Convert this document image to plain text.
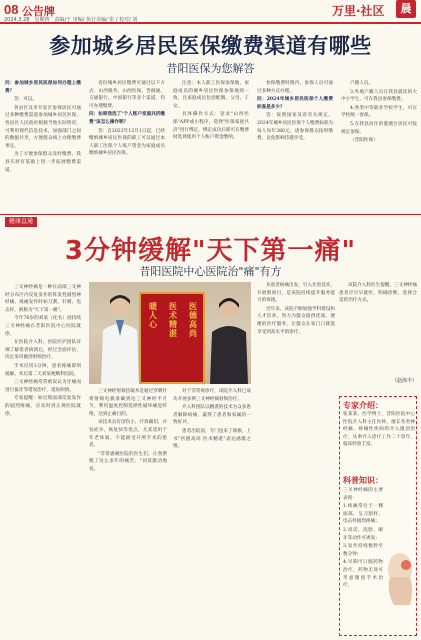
08 公告牌
2024.3.28　星期四　责编/于 审编/ 执行美编/ 张 / 校对/ 刘
万里·社区	晨
参加城乡居民医保缴费渠道有哪些
昔阳医保为您解答

问：参加城乡居民医保如何办理上缴费？

答：可以。

各县区及市开发区参保居民可通过多种缴费渠道参加城乡居民医保，各县区人民政府根据当地实际情况，可利用现代信息技术，加强部门之间的数据共享，方便群众线上办理缴费事宜。

为了方便参保群众及时缴费，我县在原有基础上进一步拓展缴费渠道。

省份城乡居民缴费可通过以下方式：山西税务、山西医保、晋税通、交通银行、中国银行等多个渠道，均可办理缴费。

问：如果我选了"个人账户家庭共济缴费"该怎么操作呢？

答：自2023年12月1日起，已经缴纳城乡居民医保的职工可以通过本人职工医保个人账户资金为家庭成员缴纳城乡居民医保。

注意：本人职工医保参保地、家庭成员的城乡居民医保参保地须一致，且家庭成员包括配偶、父母、子女。

具体操作方式：登录"山西医保"APP或小程序，选择"医保家庭共济"进行绑定，绑定成功后即可在缴费时选择使用个人账户资金缴纳。

参保缴费时限内，参保人员可通过多种方式办理。

问：2024年城乡居民医保个人缴费标准是多少？

答：按照国家及省有关规定，2024年城乡居民医保个人缴费标准为每人每年380元，请参保群众按时缴费，以免影响待遇享受。

户籍人员。

3.外地户籍人员在我县就读的大中小学生，可在我县参保缴费。

4.各类中等职业学校学生，可在学校统一参保。

5.在我县居住的港澳台居民可按规定参保。

（昔阳医保）

健康直通
3分钟缓解"天下第一痛"
昔阳医院中心医院治"痛"有方

三叉神经痛是一种在面部三叉神经分布区内反复发作的阵发性剧烈神经痛，疼痛发作时如刀割、针刺、电击样，被称为"天下第一痛"。

今年76岁的刘某（化名）因持续三叉神经痛在昔阳医院中心医院就诊。

在医院介入科，医院医护团队详细了解患者病情后，经过全面评估，决定采用微创射频治疗。

手术仅用3分钟，患者疼痛即刻缓解。术后第二天刘某便顺利出院。

三叉神经痛常常被误认为牙痛而进行拔牙等错误治疗，延误病情。

专家提醒：如出现面部反复发作的剧烈疼痛，应及时到正规医院就诊。

医德高尚
医术精湛
暖人心

三叉神经射频热凝术是通过穿刺针将射频电极准确到达三叉神经半月节，利用温度控制选择性破坏痛觉纤维，达到止痛目的。

该技术具有创伤小、疗效确切、并发症少、恢复快等优点，尤其适用于年老体弱、不能耐受开颅手术的患者。

"非常感谢医院的医生们，让我摆脱了这么多年的痛苦。"刘某激动地说。

对于非常规诊疗，该院介入科已成功开展多例三叉神经痛射频治疗。

介入科团队以精湛的技术为众多患者解除病痛，赢得了患者和家属的一致好评。

患者出院前，专门送来了锦旗，上书"医德高尚 医术精湛"表达感激之情。

从患者病痛出发，引入先进技术，开展新项目，是该院持续提升服务能力的体现。

近年来，该院不断加强学科建设和人才培养，努力为群众提供优质、便捷的医疗服务，让群众在家门口就能享受到高水平的诊疗。

该院介入科医生提醒，三叉神经痛患者应尽早就医，明确诊断，选择合适的治疗方式。

（赵海丰）
专家介绍：

张某某，医学博士，昔阳医院中心医院介入科主任医师，擅长各类神经痛、疼痛性疾病的介入微创治疗，从事介入诊疗工作二十余年，临床经验丰富。

科普知识：

三叉神经痛的主要表现：

1.疼痛常位于一侧面部，呈刀割样、电击样剧烈疼痛；

2.说话、洗脸、刷牙等动作可诱发；

3.发作持续数秒至数分钟；

4.早期可口服药物治疗，药物无效可考虑微创手术治疗。
